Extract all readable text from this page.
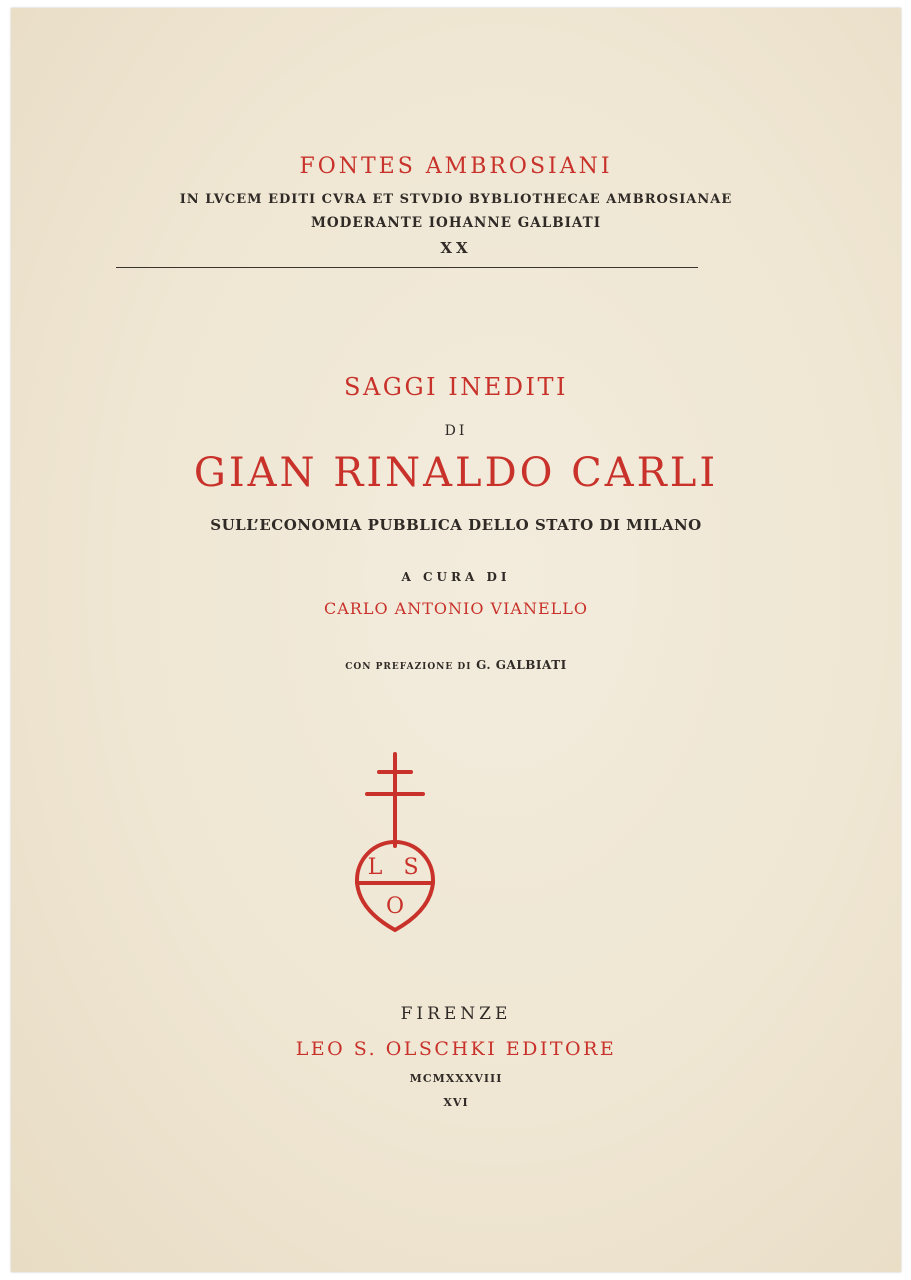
FONTES AMBROSIANI
IN LVCEM EDITI CVRA ET STVDIO BYBLIOTHECAE AMBROSIANAE
MODERANTE IOHANNE GALBIATI
XX
SAGGI INEDITI
DI
GIAN RINALDO CARLI
SULL’ECONOMIA PUBBLICA DELLO STATO DI MILANO
A CURA DI
CARLO ANTONIO VIANELLO
CON PREFAZIONE DI G. GALBIATI
L S
O
FIRENZE
LEO S. OLSCHKI EDITORE
MCMXXXVIII
XVI
